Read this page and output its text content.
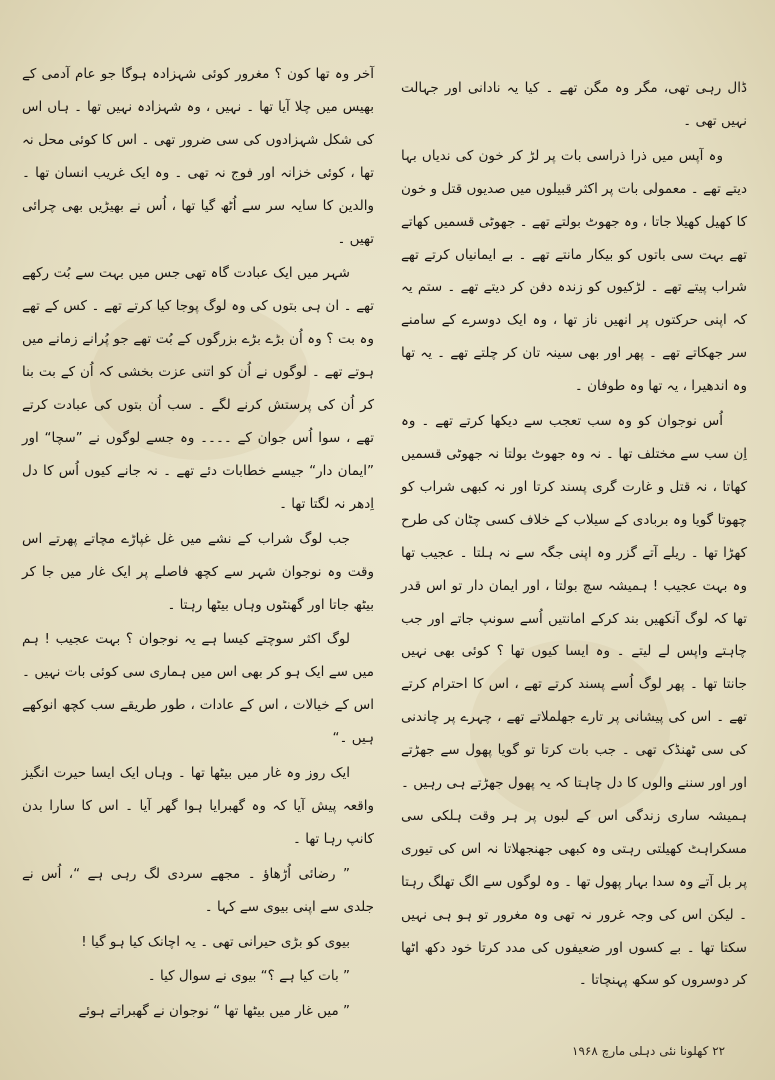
ڈال رہی تھی، مگر وہ مگن تھے ۔ کیا یہ نادانی اور جہالت نہیں تھی ۔

وہ آپس میں ذرا ذراسی بات پر لڑ کر خون کی ندیاں بہا دیتے تھے ۔ معمولی بات پر اکثر قبیلوں میں صدیوں قتل و خون کا کھیل کھیلا جاتا ، وہ جھوٹ بولتے تھے ۔ جھوٹی قسمیں کھاتے تھے بہت سی باتوں کو بیکار مانتے تھے ۔ بے ایمانیاں کرتے تھے شراب پیتے تھے ۔ لڑکیوں کو زندہ دفن کر دیتے تھے ۔ ستم یہ کہ اپنی حرکتوں پر انھیں ناز تھا ، وہ ایک دوسرے کے سامنے سر جھکاتے تھے ۔ پھر اور بھی سینہ تان کر چلتے تھے ۔ یہ تھا وہ اندھیرا ، یہ تھا وہ طوفان ۔

اُس نوجوان کو وہ سب تعجب سے دیکھا کرتے تھے ۔ وہ اِن سب سے مختلف تھا ۔ نہ وہ جھوٹ بولتا نہ جھوٹی قسمیں کھاتا ، نہ قتل و غارت گری پسند کرتا اور نہ کبھی شراب کو چھوتا گویا وہ بربادی کے سیلاب کے خلاف کسی چٹان کی طرح کھڑا تھا ۔ ریلے آتے گزر وہ اپنی جگہ سے نہ ہلتا ۔ عجیب تھا وہ بہت عجیب ! ہمیشہ سچ بولتا ، اور ایمان دار تو اس قدر تھا کہ لوگ آنکھیں بند کرکے امانتیں اُسے سونپ جاتے اور جب چاہتے واپس لے لیتے ۔ وہ ایسا کیوں تھا ؟ کوئی بھی نہیں جانتا تھا ۔ پھر لوگ اُسے پسند کرتے تھے ، اس کا احترام کرتے تھے ۔ اس کی پیشانی پر تارے جھلملاتے تھے ، چہرے پر چاندنی کی سی ٹھنڈک تھی ۔ جب بات کرتا تو گویا پھول سے جھڑتے اور اور سننے والوں کا دل چاہتا کہ یہ پھول جھڑتے ہی رہیں ۔ ہمیشہ ساری زندگی اس کے لبوں پر ہر وقت ہلکی سی مسکراہٹ کھیلتی رہتی وہ کبھی جھنجھلاتا نہ اس کی تیوری پر بل آتے وہ سدا بہار پھول تھا ۔ وہ لوگوں سے الگ تھلگ رہتا ۔ لیکن اس کی وجہ غرور نہ تھی وہ مغرور تو ہو ہی نہیں سکتا تھا ۔ بے کسوں اور ضعیفوں کی مدد کرتا خود دکھ اٹھا کر دوسروں کو سکھ پہنچاتا ۔

آخر وہ تھا کون ؟ مغرور کوئی شہزادہ ہوگا جو عام آدمی کے بھیس میں چلا آیا تھا ۔ نہیں ، وہ شہزادہ نہیں تھا ۔ ہاں اس کی شکل شہزادوں کی سی ضرور تھی ۔ اس کا کوئی محل نہ تھا ، کوئی خزانہ اور فوج نہ تھی ۔ وہ ایک غریب انسان تھا ۔ والدین کا سایہ سر سے اُٹھ گیا تھا ، اُس نے بھیڑیں بھی چرائی تھیں ۔

شہر میں ایک عبادت گاہ تھی جس میں بہت سے بُت رکھے تھے ۔ ان ہی بتوں کی وہ لوگ پوجا کیا کرتے تھے ۔ کس کے تھے وہ بت ؟ وہ اُن بڑے بڑے بزرگوں کے بُت تھے جو پُرانے زمانے میں ہوتے تھے ۔ لوگوں نے اُن کو اتنی عزت بخشی کہ اُن کے بت بنا کر اُن کی پرستش کرنے لگے ۔ سب اُن بتوں کی عبادت کرتے تھے ، سوا اُس جوان کے ۔۔۔۔ وہ جسے لوگوں نے ”سچا“ اور ”ایمان دار“ جیسے خطابات دئے تھے ۔ نہ جانے کیوں اُس کا دل اِدھر نہ لگتا تھا ۔

جب لوگ شراب کے نشے میں غل غپاڑے مچاتے پھرتے اس وقت وہ نوجوان شہر سے کچھ فاصلے پر ایک غار میں جا کر بیٹھ جاتا اور گھنٹوں وہاں بیٹھا رہتا ۔

لوگ اکثر سوچتے کیسا ہے یہ نوجوان ؟ بہت عجیب ! ہم میں سے ایک ہو کر بھی اس میں ہماری سی کوئی بات نہیں ۔ اس کے خیالات ، اس کے عادات ، طور طریقے سب کچھ انوکھے ہیں ۔“

ایک روز وہ غار میں بیٹھا تھا ۔ وہاں ایک ایسا حیرت انگیز واقعہ پیش آیا کہ وہ گھبرایا ہوا گھر آیا ۔ اس کا سارا بدن کانپ رہا تھا ۔

” رضائی اُڑھاؤ ۔ مجھے سردی لگ رہی ہے “، اُس نے جلدی سے اپنی بیوی سے کہا ۔

بیوی کو بڑی حیرانی تھی ۔ یہ اچانک کیا ہو گیا !

” بات کیا ہے ؟“ بیوی نے سوال کیا ۔

” میں غار میں بیٹھا تھا “ نوجوان نے گھبراتے ہوئے

۲۲ کھلونا نئی دہلی مارچ ۱۹۶۸
